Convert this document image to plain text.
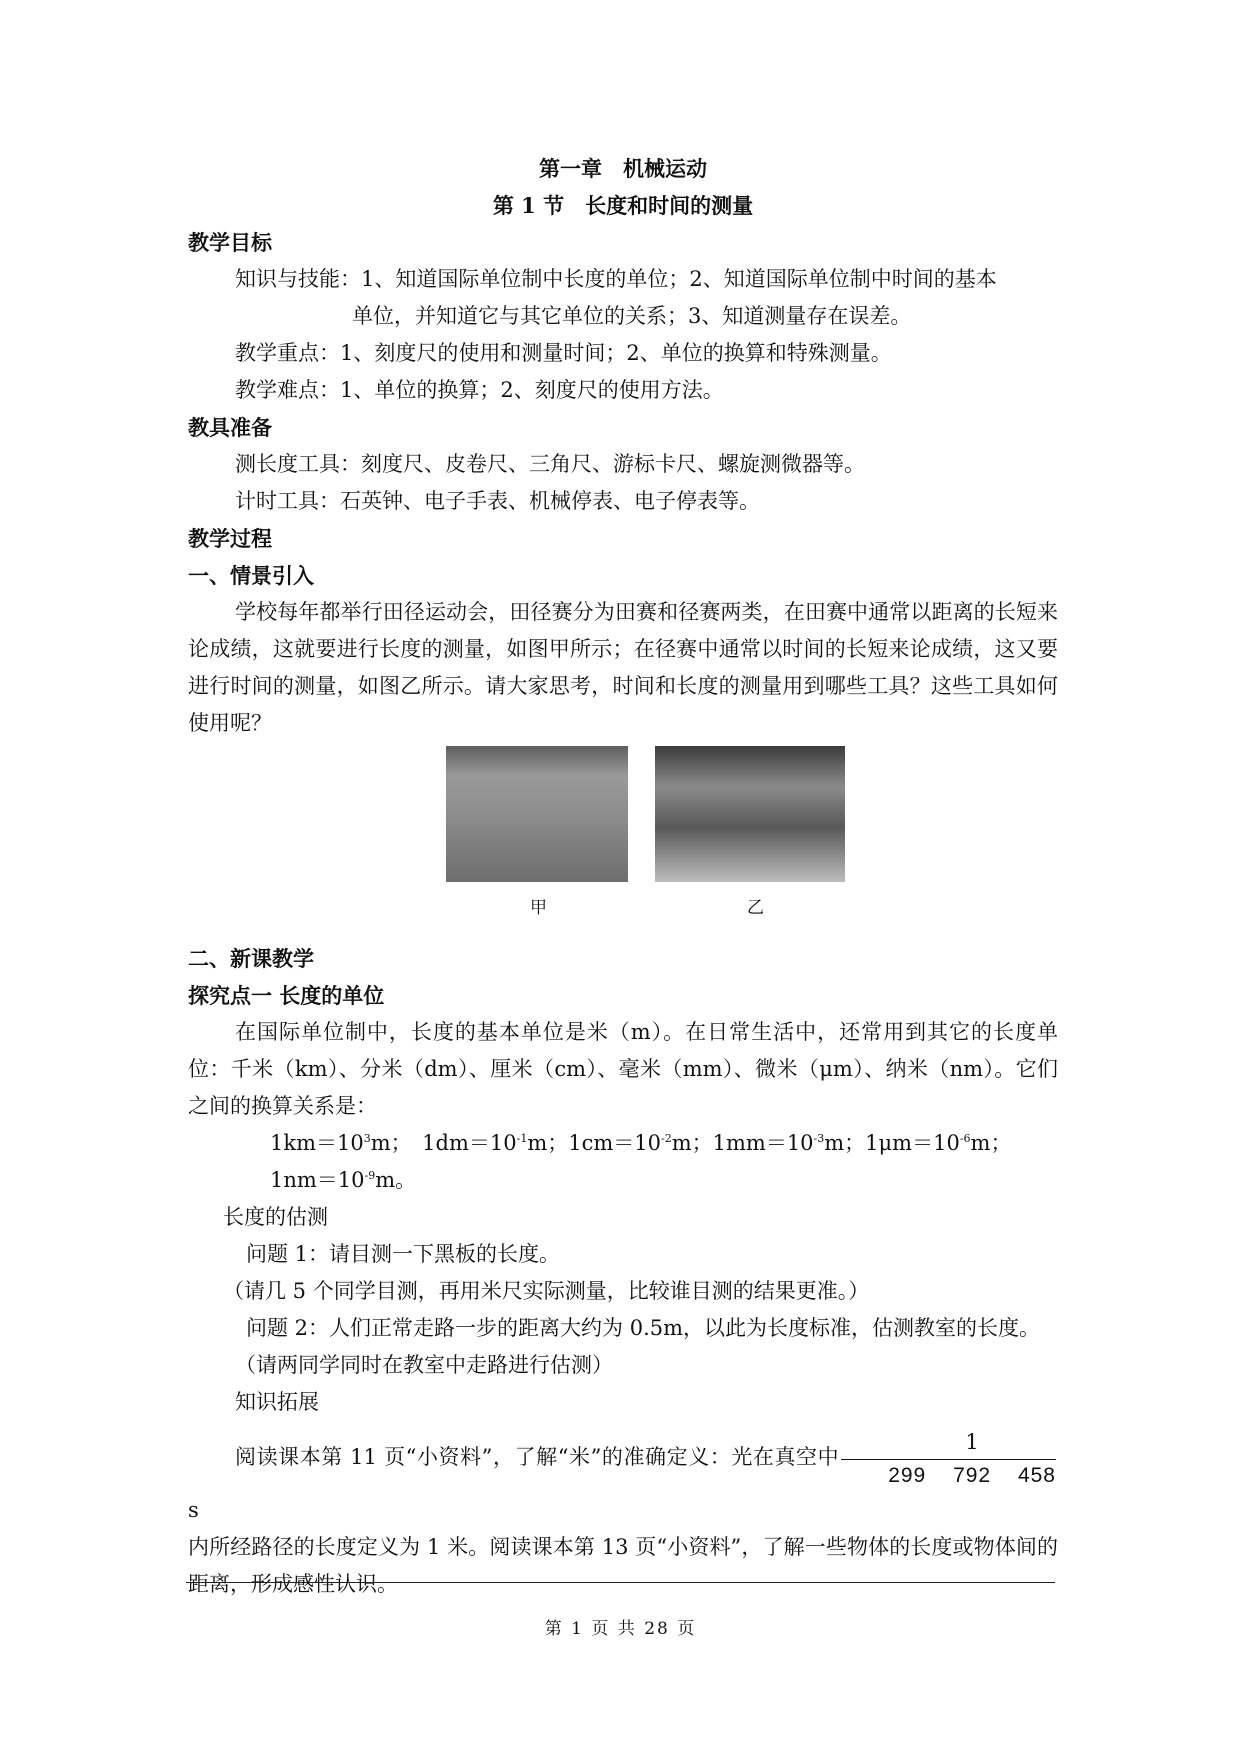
第一章　机械运动

第 1 节　长度和时间的测量

教学目标

知识与技能：1、知道国际单位制中长度的单位；2、知道国际单位制中时间的基本

单位，并知道它与其它单位的关系；3、知道测量存在误差。

教学重点：1、刻度尺的使用和测量时间；2、单位的换算和特殊测量。

教学难点：1、单位的换算；2、刻度尺的使用方法。

教具准备

测长度工具：刻度尺、皮卷尺、三角尺、游标卡尺、螺旋测微器等。

计时工具：石英钟、电子手表、机械停表、电子停表等。

教学过程

一、情景引入

学校每年都举行田径运动会，田径赛分为田赛和径赛两类，在田赛中通常以距离的长短来论成绩，这就要进行长度的测量，如图甲所示；在径赛中通常以时间的长短来论成绩，这又要进行时间的测量，如图乙所示。请大家思考，时间和长度的测量用到哪些工具？这些工具如何使用呢？

甲	乙

二、新课教学

探究点一 长度的单位

在国际单位制中，长度的基本单位是米（m）。在日常生活中，还常用到其它的长度单位：千米（km）、分米（dm）、厘米（cm）、毫米（mm）、微米（μm）、纳米（nm）。它们之间的换算关系是：

$1km=10^3m$；　$1dm=10^{-1}m$；$1cm=10^{-2}m$；$1mm=10^{-3}m$；$1\mu m=10^{-6}m$；$1nm=10^{-9}m$。

长度的估测

问题 1：请目测一下黑板的长度。

（请几 5 个同学目测，再用米尺实际测量，比较谁目测的结果更准。）

问题 2：人们正常走路一步的距离大约为 0.5m，以此为长度标准，估测教室的长度。

（请两同学同时在教室中走路进行估测）

知识拓展

阅读课本第 11 页“小资料”，了解“米”的准确定义：光在真空中 $\frac{1}{299 792 458}$
s
内所经路径的长度定义为 1 米。阅读课本第 13 页“小资料”，了解一些物体的长度或物体间的距离，形成感性认识。

第 1 页 共 28 页
